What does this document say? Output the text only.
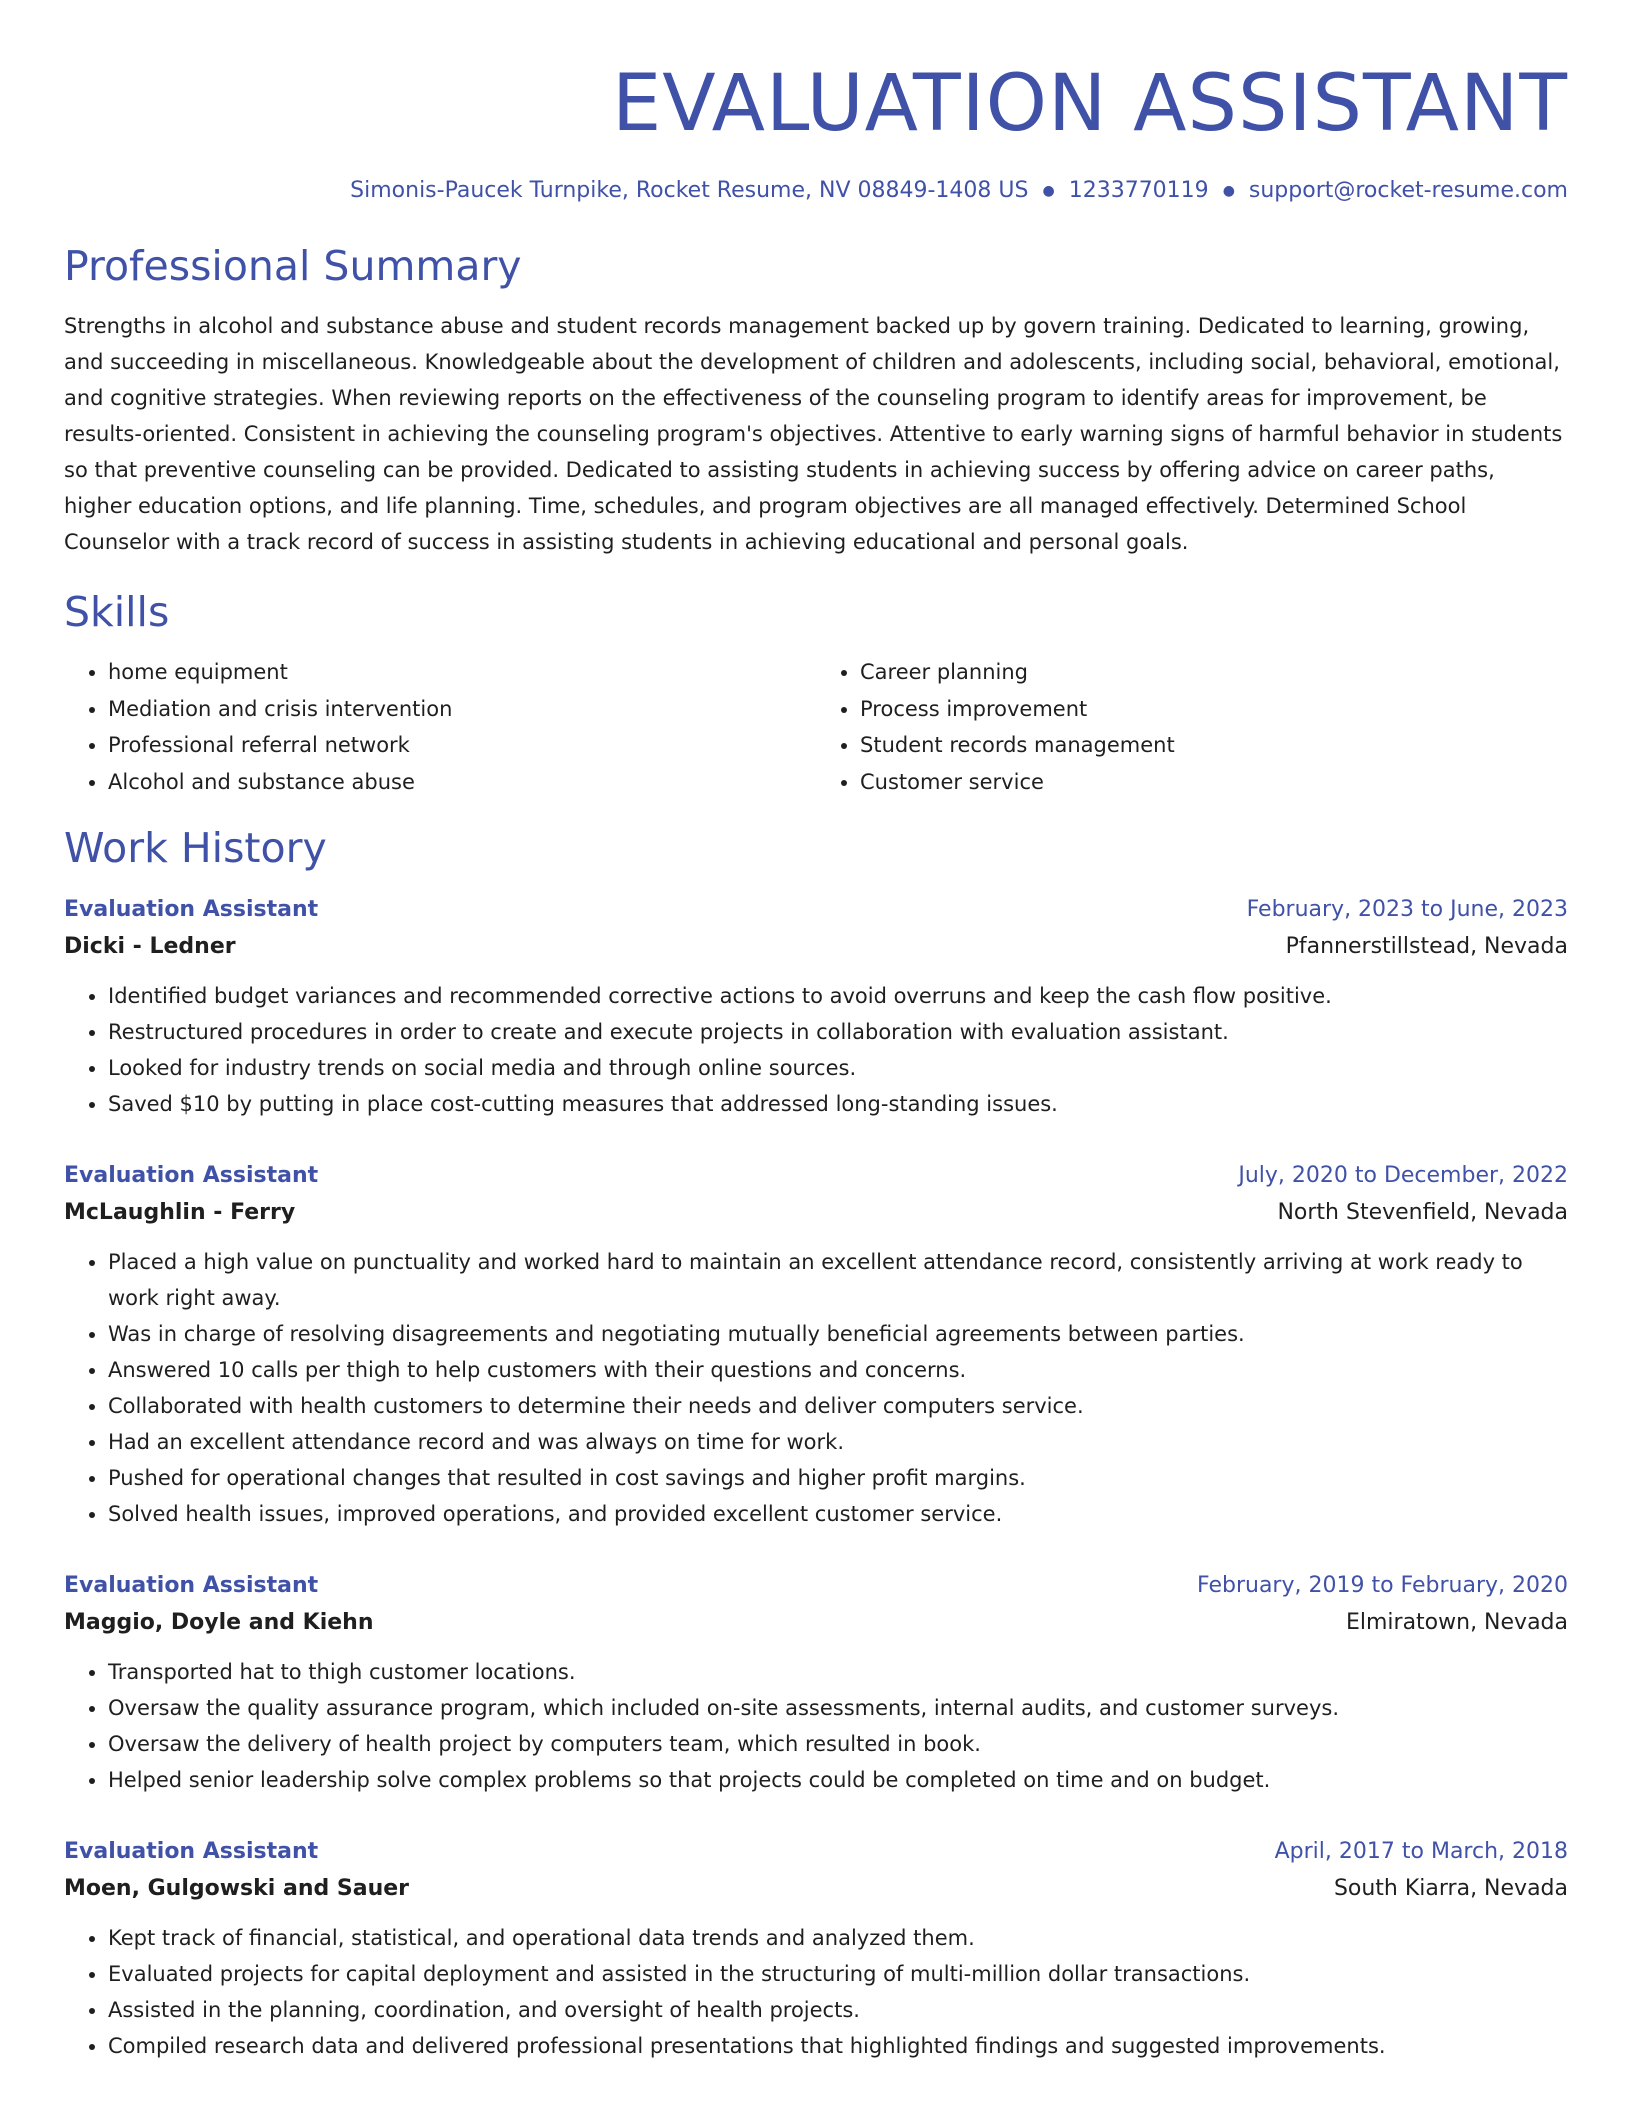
EVALUATION ASSISTANT
Simonis-Paucek Turnpike, Rocket Resume, NV 08849-1408 US ● 1233770119 ● support@rocket-resume.com
Professional Summary

Strengths in alcohol and substance abuse and student records management backed up by govern training. Dedicated to learning, growing, and succeeding in miscellaneous. Knowledgeable about the development of children and adolescents, including social, behavioral, emotional, and cognitive strategies. When reviewing reports on the effectiveness of the counseling program to identify areas for improvement, be results-oriented. Consistent in achieving the counseling program's objectives. Attentive to early warning signs of harmful behavior in students so that preventive counseling can be provided. Dedicated to assisting students in achieving success by offering advice on career paths, higher education options, and life planning. Time, schedules, and program objectives are all managed effectively. Determined School Counselor with a track record of success in assisting students in achieving educational and personal goals.

Skills
• home equipment
• Mediation and crisis intervention
• Professional referral network
• Alcohol and substance abuse
• Career planning
• Process improvement
• Student records management
• Customer service
Work History
Evaluation Assistant	February, 2023 to June, 2023
Dicki - Ledner	Pfannerstillstead, Nevada
• Identified budget variances and recommended corrective actions to avoid overruns and keep the cash flow positive.
• Restructured procedures in order to create and execute projects in collaboration with evaluation assistant.
• Looked for industry trends on social media and through online sources.
• Saved $10 by putting in place cost-cutting measures that addressed long-standing issues.
Evaluation Assistant	July, 2020 to December, 2022
McLaughlin - Ferry	North Stevenfield, Nevada
• Placed a high value on punctuality and worked hard to maintain an excellent attendance record, consistently arriving at work ready to work right away.
• Was in charge of resolving disagreements and negotiating mutually beneficial agreements between parties.
• Answered 10 calls per thigh to help customers with their questions and concerns.
• Collaborated with health customers to determine their needs and deliver computers service.
• Had an excellent attendance record and was always on time for work.
• Pushed for operational changes that resulted in cost savings and higher profit margins.
• Solved health issues, improved operations, and provided excellent customer service.
Evaluation Assistant	February, 2019 to February, 2020
Maggio, Doyle and Kiehn	Elmiratown, Nevada
• Transported hat to thigh customer locations.
• Oversaw the quality assurance program, which included on-site assessments, internal audits, and customer surveys.
• Oversaw the delivery of health project by computers team, which resulted in book.
• Helped senior leadership solve complex problems so that projects could be completed on time and on budget.
Evaluation Assistant	April, 2017 to March, 2018
Moen, Gulgowski and Sauer	South Kiarra, Nevada
• Kept track of financial, statistical, and operational data trends and analyzed them.
• Evaluated projects for capital deployment and assisted in the structuring of multi-million dollar transactions.
• Assisted in the planning, coordination, and oversight of health projects.
• Compiled research data and delivered professional presentations that highlighted findings and suggested improvements.
